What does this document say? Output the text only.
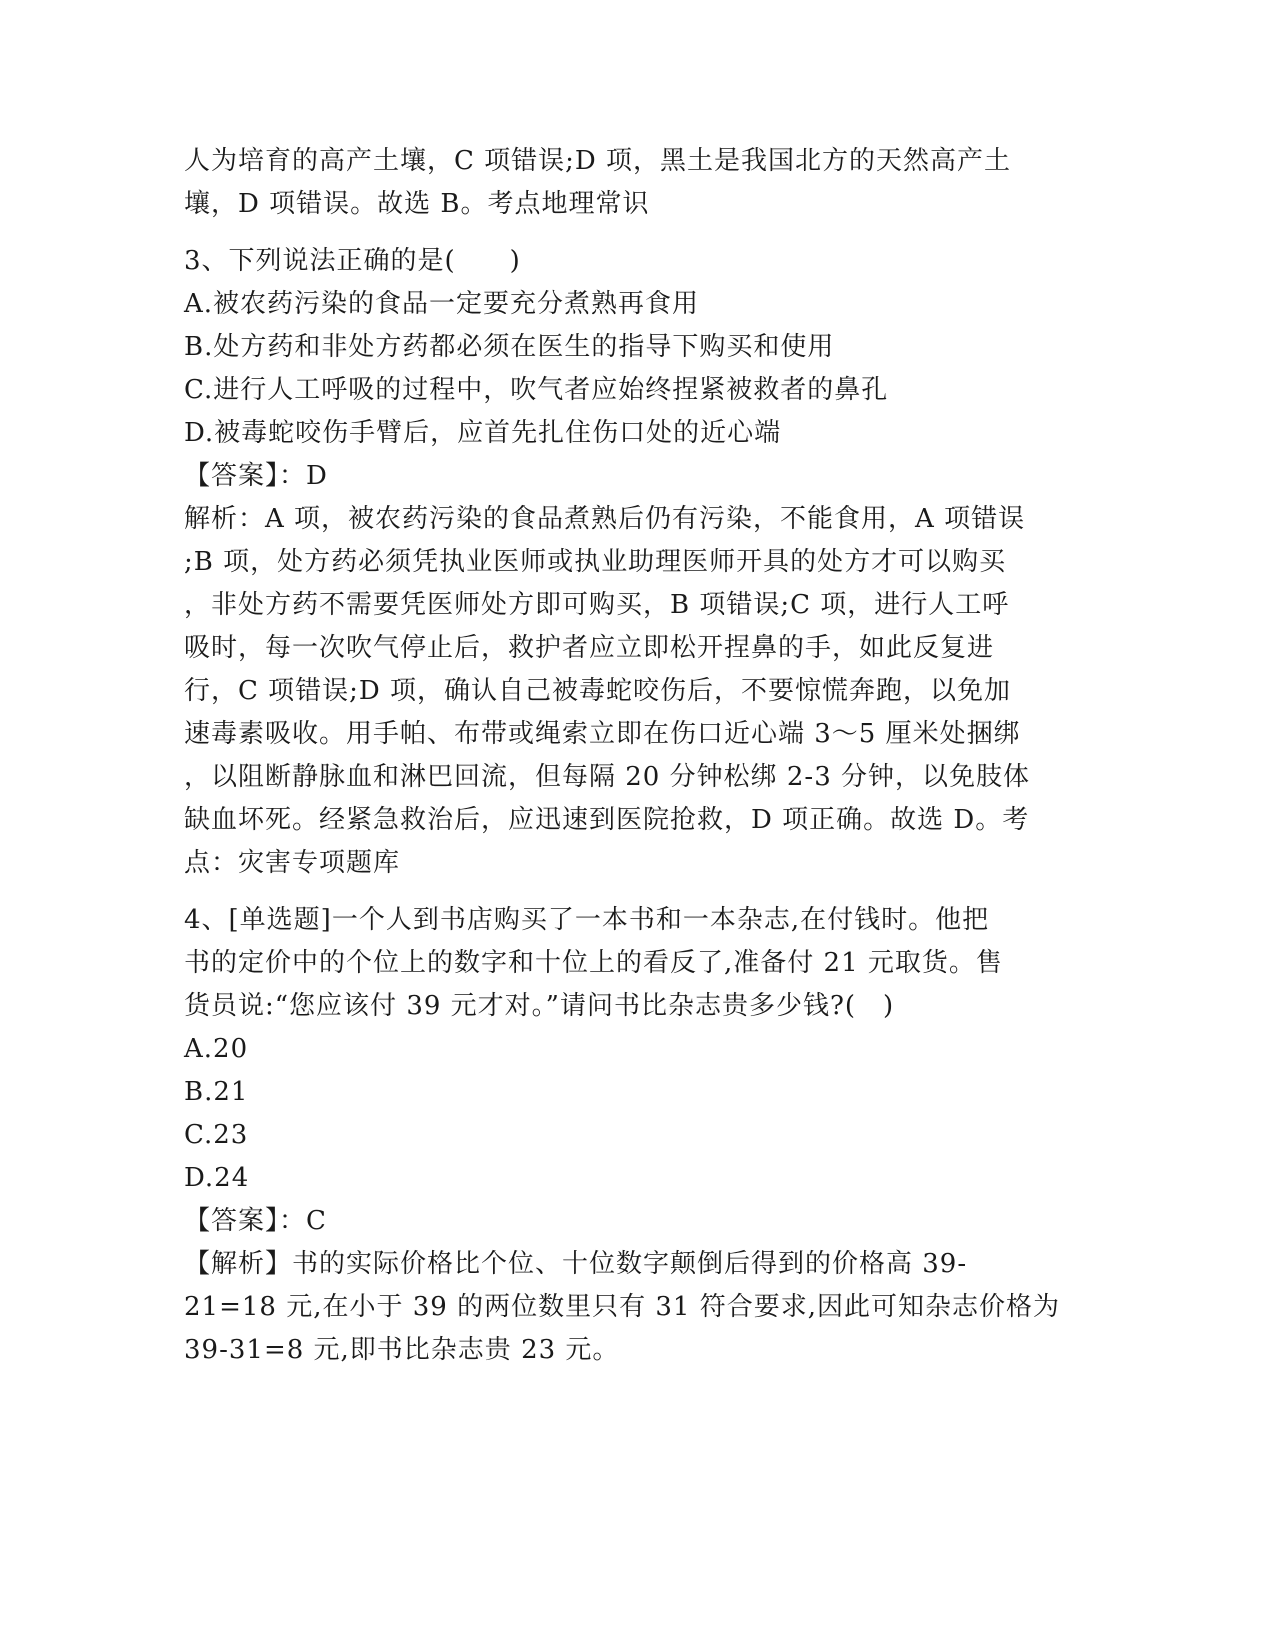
人为培育的高产土壤，C 项错误;D 项，黑土是我国北方的天然高产土
壤，D 项错误。故选 B。考点地理常识
3、下列说法正确的是(　　)
A.被农药污染的食品一定要充分煮熟再食用
B.处方药和非处方药都必须在医生的指导下购买和使用
C.进行人工呼吸的过程中，吹气者应始终捏紧被救者的鼻孔
D.被毒蛇咬伤手臂后，应首先扎住伤口处的近心端
【答案】：D
解析：A 项，被农药污染的食品煮熟后仍有污染，不能食用，A 项错误
;B 项，处方药必须凭执业医师或执业助理医师开具的处方才可以购买
，非处方药不需要凭医师处方即可购买，B 项错误;C 项，进行人工呼
吸时，每一次吹气停止后，救护者应立即松开捏鼻的手，如此反复进
行，C 项错误;D 项，确认自己被毒蛇咬伤后，不要惊慌奔跑，以免加
速毒素吸收。用手帕、布带或绳索立即在伤口近心端 3～5 厘米处捆绑
，以阻断静脉血和淋巴回流，但每隔 20 分钟松绑 2-3 分钟，以免肢体
缺血坏死。经紧急救治后，应迅速到医院抢救，D 项正确。故选 D。考
点：灾害专项题库
4、[单选题]一个人到书店购买了一本书和一本杂志,在付钱时。他把
书的定价中的个位上的数字和十位上的看反了,准备付 21 元取货。售
货员说:“您应该付 39 元才对。”请问书比杂志贵多少钱?(　)
A.20
B.21
C.23
D.24
【答案】：C
【解析】书的实际价格比个位、十位数字颠倒后得到的价格高 39-
21=18 元,在小于 39 的两位数里只有 31 符合要求,因此可知杂志价格为
39-31=8 元,即书比杂志贵 23 元。
